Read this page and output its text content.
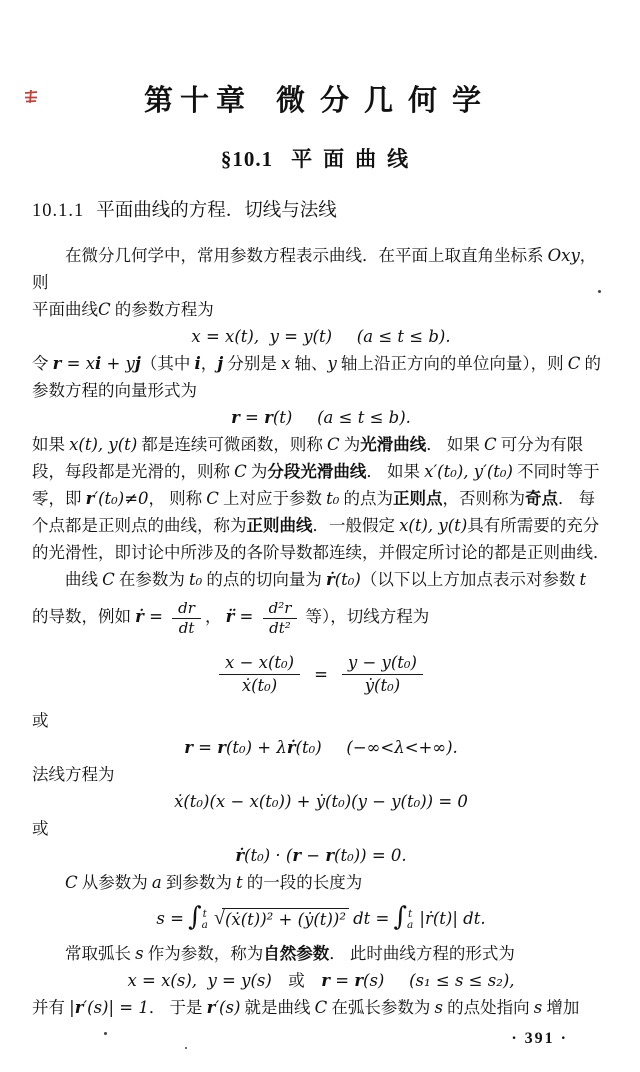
第十章 微分几何学
§10.1 平面曲线
10.1.1 平面曲线的方程．切线与法线
在微分几何学中，常用参数方程表示曲线．在平面上取直角坐标系 Oxy， 则
平面曲线C 的参数方程为
x = x(t),  y = y(t) (a ≤ t ≤ b).
令 r = xi + yj（其中 i，j 分别是 x 轴、y 轴上沿正方向的单位向量），则 C 的
参数方程的向量形式为
r = r(t) (a ≤ t ≤ b).
如果 x(t), y(t) 都是连续可微函数，则称 C 为光滑曲线． 如果 C 可分为有限
段，每段都是光滑的，则称 C 为分段光滑曲线． 如果 x′(t₀), y′(t₀) 不同时等于
零，即 r′(t₀)≠0， 则称 C 上对应于参数 t₀ 的点为正则点，否则称为奇点． 每
个点都是正则点的曲线，称为正则曲线．一般假定 x(t), y(t)具有所需要的充分
的光滑性，即讨论中所涉及的各阶导数都连续，并假定所讨论的都是正则曲线．
曲线 C 在参数为 t₀ 的点的切向量为 ṙ(t₀)（以下以上方加点表示对参数 t
的导数，例如 ṙ = $\frac{dr}{dt}$ ， r̈ = $\frac{\text{d²r}}{\text{dt²}}$ 等），切线方程为
$\frac{\text{x − x(t₀)}}{\text{ẋ(t₀)}} = \frac{\text{y − y(t₀)}}{\text{ẏ(t₀)}}$
或
r = r(t₀) + λṙ(t₀) (−∞<λ<+∞).
法线方程为
ẋ(t₀)(x − x(t₀)) + ẏ(t₀)(y − y(t₀)) = 0
或
ṙ(t₀) · (r − r(t₀)) = 0.
C 从参数为 a 到参数为 t 的一段的长度为
s = ∫ t
a √(ẋ(t))² + (ẏ(t))² dt = ∫ t
a |ṙ(t)| dt.
常取弧长 s 作为参数，称为自然参数． 此时曲线方程的形式为
x = x(s),  y = y(s)　或　r = r(s) (s₁ ≤ s ≤ s₂),
并有 |r′(s)| = 1． 于是 r′(s) 就是曲线 C 在弧长参数为 s 的点处指向 s 增加
· 391 ·
